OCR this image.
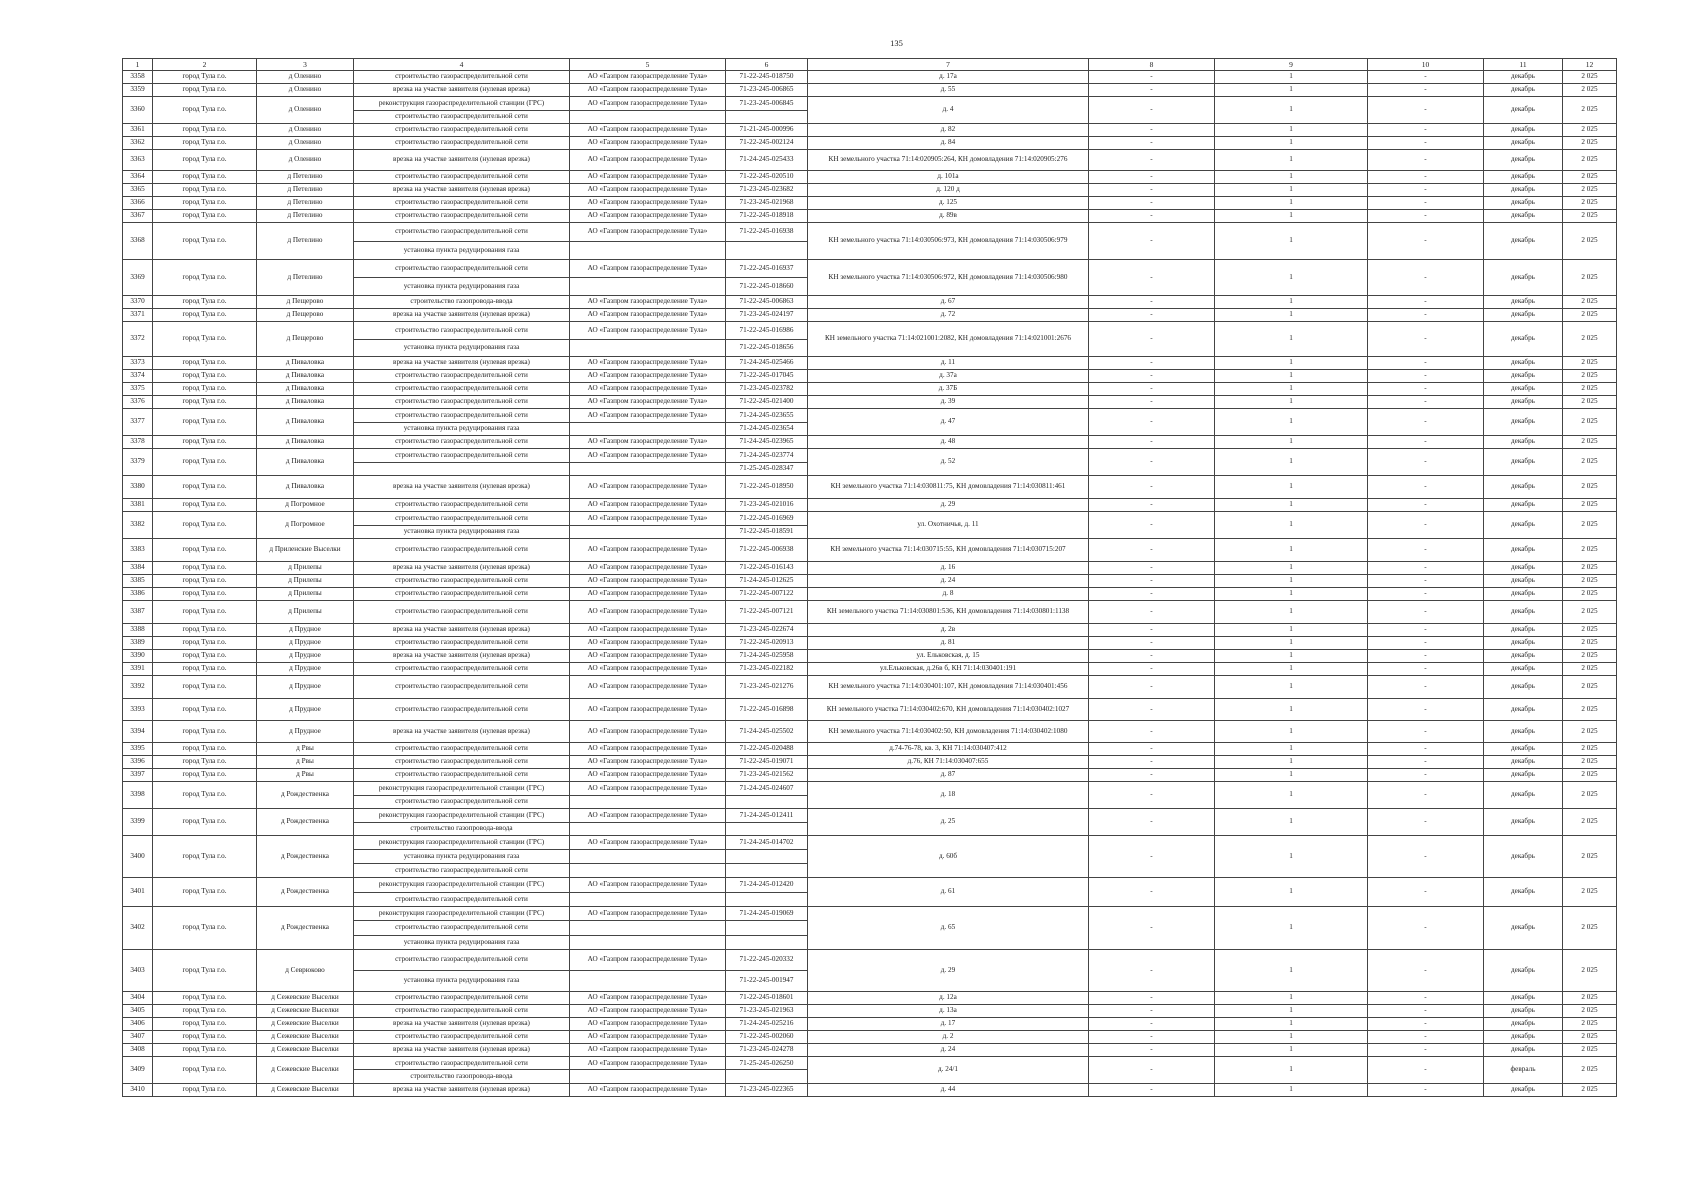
135
1	2	3	4	5	6	7	8	9	10	11	12
3358	город Тула г.о.	д Оленино	строительство газораспределительной сети	АО «Газпром газораспределение Тула»	71-22-245-018750	д. 17а	-	1	-	декабрь	2 025
3359	город Тула г.о.	д Оленино	врезка на участке заявителя (нулевая врезка)	АО «Газпром газораспределение Тула»	71-23-245-006865	д. 55	-	1	-	декабрь	2 025
3360	город Тула г.о.	д Оленино	реконструкция газораспределительной станции (ГРС)	АО «Газпром газораспределение Тула»	71-23-245-006845	д. 4	-	1	-	декабрь	2 025
			строительство газораспределительной сети								
3361	город Тула г.о.	д Оленино	строительство газораспределительной сети	АО «Газпром газораспределение Тула»	71-21-245-000996	д. 82	-	1	-	декабрь	2 025
3362	город Тула г.о.	д Оленино	строительство газораспределительной сети	АО «Газпром газораспределение Тула»	71-22-245-002124	д. 84	-	1	-	декабрь	2 025
3363	город Тула г.о.	д Оленино	врезка на участке заявителя (нулевая врезка)	АО «Газпром газораспределение Тула»	71-24-245-025433	КН земельного участка 71:14:020905:264, КН домовладения 71:14:020905:276	-	1	-	декабрь	2 025
3364	город Тула г.о.	д Петелино	строительство газораспределительной сети	АО «Газпром газораспределение Тула»	71-22-245-020510	д. 101а	-	1	-	декабрь	2 025
3365	город Тула г.о.	д Петелино	врезка на участке заявителя (нулевая врезка)	АО «Газпром газораспределение Тула»	71-23-245-023682	д. 120 д	-	1	-	декабрь	2 025
3366	город Тула г.о.	д Петелино	строительство газораспределительной сети	АО «Газпром газораспределение Тула»	71-23-245-021968	д. 125	-	1	-	декабрь	2 025
3367	город Тула г.о.	д Петелино	строительство газораспределительной сети	АО «Газпром газораспределение Тула»	71-22-245-018918	д. 89в	-	1	-	декабрь	2 025
3368	город Тула г.о.	д Петелино	строительство газораспределительной сети	АО «Газпром газораспределение Тула»	71-22-245-016938	КН земельного участка 71:14:030506:973, КН домовладения 71:14:030506:979	-	1	-	декабрь	2 025
			установка пункта редуцирования газа								
3369	город Тула г.о.	д Петелино	строительство газораспределительной сети	АО «Газпром газораспределение Тула»	71-22-245-016937	КН земельного участка 71:14:030506:972, КН домовладения 71:14:030506:980	-	1	-	декабрь	2 025
			установка пункта редуцирования газа		71-22-245-018660						
3370	город Тула г.о.	д Пещерово	строительство газопровода-ввода	АО «Газпром газораспределение Тула»	71-22-245-006863	д. 67	-	1	-	декабрь	2 025
3371	город Тула г.о.	д Пещерово	врезка на участке заявителя (нулевая врезка)	АО «Газпром газораспределение Тула»	71-23-245-024197	д. 72	-	1	-	декабрь	2 025
3372	город Тула г.о.	д Пещерово	строительство газораспределительной сети	АО «Газпром газораспределение Тула»	71-22-245-016986	КН земельного участка 71:14:021001:2082, КН домовладения 71:14:021001:2676	-	1	-	декабрь	2 025
			установка пункта редуцирования газа		71-22-245-018656						
3373	город Тула г.о.	д Пиваловка	врезка на участке заявителя (нулевая врезка)	АО «Газпром газораспределение Тула»	71-24-245-025466	д. 11	-	1	-	декабрь	2 025
3374	город Тула г.о.	д Пиваловка	строительство газораспределительной сети	АО «Газпром газораспределение Тула»	71-22-245-017045	д. 37а	-	1	-	декабрь	2 025
3375	город Тула г.о.	д Пиваловка	строительство газораспределительной сети	АО «Газпром газораспределение Тула»	71-23-245-023782	д. 37Б	-	1	-	декабрь	2 025
3376	город Тула г.о.	д Пиваловка	строительство газораспределительной сети	АО «Газпром газораспределение Тула»	71-22-245-021400	д. 39	-	1	-	декабрь	2 025
3377	город Тула г.о.	д Пиваловка	строительство газораспределительной сети	АО «Газпром газораспределение Тула»	71-24-245-023655	д. 47	-	1	-	декабрь	2 025
			установка пункта редуцирования газа		71-24-245-023654						
3378	город Тула г.о.	д Пиваловка	строительство газораспределительной сети	АО «Газпром газораспределение Тула»	71-24-245-023965	д. 48	-	1	-	декабрь	2 025
3379	город Тула г.о.	д Пиваловка	строительство газораспределительной сети	АО «Газпром газораспределение Тула»	71-24-245-023774	д. 52	-	1	-	декабрь	2 025
					71-25-245-028347						
3380	город Тула г.о.	д Пиваловка	врезка на участке заявителя (нулевая врезка)	АО «Газпром газораспределение Тула»	71-22-245-018950	КН земельного участка 71:14:030811:75, КН домовладения 71:14:030811:461	-	1	-	декабрь	2 025
3381	город Тула г.о.	д Погромное	строительство газораспределительной сети	АО «Газпром газораспределение Тула»	71-23-245-021016	д. 29	-	1	-	декабрь	2 025
3382	город Тула г.о.	д Погромное	строительство газораспределительной сети	АО «Газпром газораспределение Тула»	71-22-245-016969	ул. Охотничья, д. 11	-	1	-	декабрь	2 025
			установка пункта редуцирования газа		71-22-245-018591						
3383	город Тула г.о.	д Приленские Выселки	строительство газораспределительной сети	АО «Газпром газораспределение Тула»	71-22-245-006938	КН земельного участка 71:14:030715:55, КН домовладения 71:14:030715:207	-	1	-	декабрь	2 025
3384	город Тула г.о.	д Прилепы	врезка на участке заявителя (нулевая врезка)	АО «Газпром газораспределение Тула»	71-22-245-016143	д. 16	-	1	-	декабрь	2 025
3385	город Тула г.о.	д Прилепы	строительство газораспределительной сети	АО «Газпром газораспределение Тула»	71-24-245-012625	д. 24	-	1	-	декабрь	2 025
3386	город Тула г.о.	д Прилепы	строительство газораспределительной сети	АО «Газпром газораспределение Тула»	71-22-245-007122	д. 8	-	1	-	декабрь	2 025
3387	город Тула г.о.	д Прилепы	строительство газораспределительной сети	АО «Газпром газораспределение Тула»	71-22-245-007121	КН земельного участка 71:14:030801:536, КН домовладения 71:14:030801:1138	-	1	-	декабрь	2 025
3388	город Тула г.о.	д Прудное	врезка на участке заявителя (нулевая врезка)	АО «Газпром газораспределение Тула»	71-23-245-022674	д. 2в	-	1	-	декабрь	2 025
3389	город Тула г.о.	д Прудное	строительство газораспределительной сети	АО «Газпром газораспределение Тула»	71-22-245-020913	д. 81	-	1	-	декабрь	2 025
3390	город Тула г.о.	д Прудное	врезка на участке заявителя (нулевая врезка)	АО «Газпром газораспределение Тула»	71-24-245-025958	ул. Ельковская, д. 15	-	1	-	декабрь	2 025
3391	город Тула г.о.	д Прудное	строительство газораспределительной сети	АО «Газпром газораспределение Тула»	71-23-245-022182	ул.Ельковская, д.26в б, КН 71:14:030401:191	-	1	-	декабрь	2 025
3392	город Тула г.о.	д Прудное	строительство газораспределительной сети	АО «Газпром газораспределение Тула»	71-23-245-021276	КН земельного участка 71:14:030401:107, КН домовладения 71:14:030401:456	-	1	-	декабрь	2 025
3393	город Тула г.о.	д Прудное	строительство газораспределительной сети	АО «Газпром газораспределение Тула»	71-22-245-016898	КН земельного участка 71:14:030402:670, КН домовладения 71:14:030402:1027	-	1	-	декабрь	2 025
3394	город Тула г.о.	д Прудное	врезка на участке заявителя (нулевая врезка)	АО «Газпром газораспределение Тула»	71-24-245-025502	КН земельного участка 71:14:030402:50, КН домовладения 71:14:030402:1080	-	1	-	декабрь	2 025
3395	город Тула г.о.	д Рвы	строительство газораспределительной сети	АО «Газпром газораспределение Тула»	71-22-245-020488	д.74-76-78, кв. 3, КН 71:14:030407:412	-	1	-	декабрь	2 025
3396	город Тула г.о.	д Рвы	строительство газораспределительной сети	АО «Газпром газораспределение Тула»	71-22-245-019071	д.76, КН 71:14:030407:655	-	1	-	декабрь	2 025
3397	город Тула г.о.	д Рвы	строительство газораспределительной сети	АО «Газпром газораспределение Тула»	71-23-245-021562	д. 87	-	1	-	декабрь	2 025
3398	город Тула г.о.	д Рождественка	реконструкция газораспределительной станции (ГРС)	АО «Газпром газораспределение Тула»	71-24-245-024607	д. 18	-	1	-	декабрь	2 025
			строительство газораспределительной сети								
3399	город Тула г.о.	д Рождественка	реконструкция газораспределительной станции (ГРС)	АО «Газпром газораспределение Тула»	71-24-245-012411	д. 25	-	1	-	декабрь	2 025
			строительство газопровода-ввода								
3400	город Тула г.о.	д Рождественка	реконструкция газораспределительной станции (ГРС)	АО «Газпром газораспределение Тула»	71-24-245-014702	д. 60б	-	1	-	декабрь	2 025
			установка пункта редуцирования газа								
			строительство газораспределительной сети								
3401	город Тула г.о.	д Рождественка	реконструкция газораспределительной станции (ГРС)	АО «Газпром газораспределение Тула»	71-24-245-012420	д. 61	-	1	-	декабрь	2 025
			строительство газораспределительной сети								
3402	город Тула г.о.	д Рождественка	реконструкция газораспределительной станции (ГРС)	АО «Газпром газораспределение Тула»	71-24-245-019069	д. 65	-	1	-	декабрь	2 025
			строительство газораспределительной сети								
			установка пункта редуцирования газа								
3403	город Тула г.о.	д Севрюково	строительство газораспределительной сети	АО «Газпром газораспределение Тула»	71-22-245-020332	д. 29	-	1	-	декабрь	2 025
			установка пункта редуцирования газа		71-22-245-001947						
3404	город Тула г.о.	д Сежевские Выселки	строительство газораспределительной сети	АО «Газпром газораспределение Тула»	71-22-245-018601	д. 12а	-	1	-	декабрь	2 025
3405	город Тула г.о.	д Сежевские Выселки	строительство газораспределительной сети	АО «Газпром газораспределение Тула»	71-23-245-021963	д. 13а	-	1	-	декабрь	2 025
3406	город Тула г.о.	д Сежевские Выселки	врезка на участке заявителя (нулевая врезка)	АО «Газпром газораспределение Тула»	71-24-245-025216	д. 17	-	1	-	декабрь	2 025
3407	город Тула г.о.	д Сежевские Выселки	строительство газораспределительной сети	АО «Газпром газораспределение Тула»	71-22-245-002060	д. 2	-	1	-	декабрь	2 025
3408	город Тула г.о.	д Сежевские Выселки	врезка на участке заявителя (нулевая врезка)	АО «Газпром газораспределение Тула»	71-23-245-024278	д. 24	-	1	-	декабрь	2 025
3409	город Тула г.о.	д Сежевские Выселки	строительство газораспределительной сети	АО «Газпром газораспределение Тула»	71-25-245-026250	д. 24/1	-	1	-	февраль	2 025
			строительство газопровода-ввода								
3410	город Тула г.о.	д Сежевские Выселки	врезка на участке заявителя (нулевая врезка)	АО «Газпром газораспределение Тула»	71-23-245-022365	д. 44	-	1	-	декабрь	2 025
